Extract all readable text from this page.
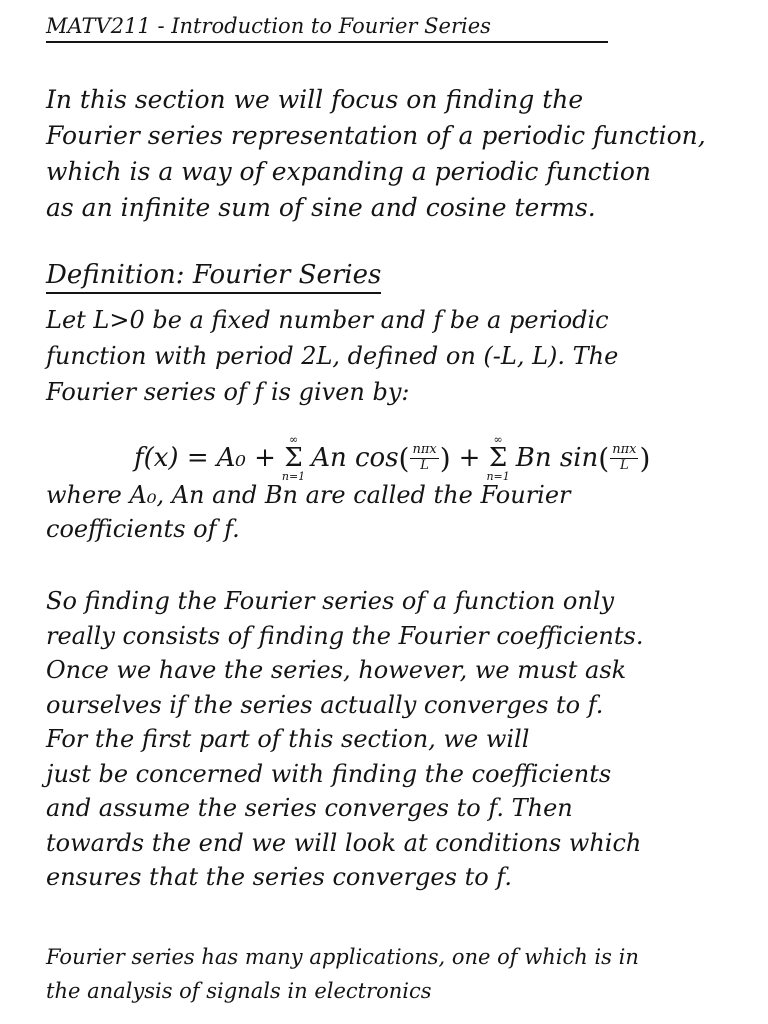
MATV211 - Introduction to Fourier Series
In this section we will focus on finding the
Fourier series representation of a periodic function,
which is a way of expanding a periodic function
as an infinite sum of sine and cosine terms.
Definition: Fourier Series
Let L>0 be a fixed number and f be a periodic
function with period 2L, defined on (-L, L). The
Fourier series of f is given by:
f(x) = A₀ +
∞
Σ
n=1
An cos ( $\frac{\text{nπx}}{L}$ ) +
∞
Σ
n=1
Bn sin ( $\frac{\text{nπx}}{L}$ )
where A₀, An and Bn are called the Fourier
coefficients of f.
So finding the Fourier series of a function only
really consists of finding the Fourier coefficients.
Once we have the series, however, we must ask
ourselves if the series actually converges to f.
For the first part of this section, we will
just be concerned with finding the coefficients
and assume the series converges to f. Then
towards the end we will look at conditions which
ensures that the series converges to f.
Fourier series has many applications, one of which is in
the analysis of signals in electronics
